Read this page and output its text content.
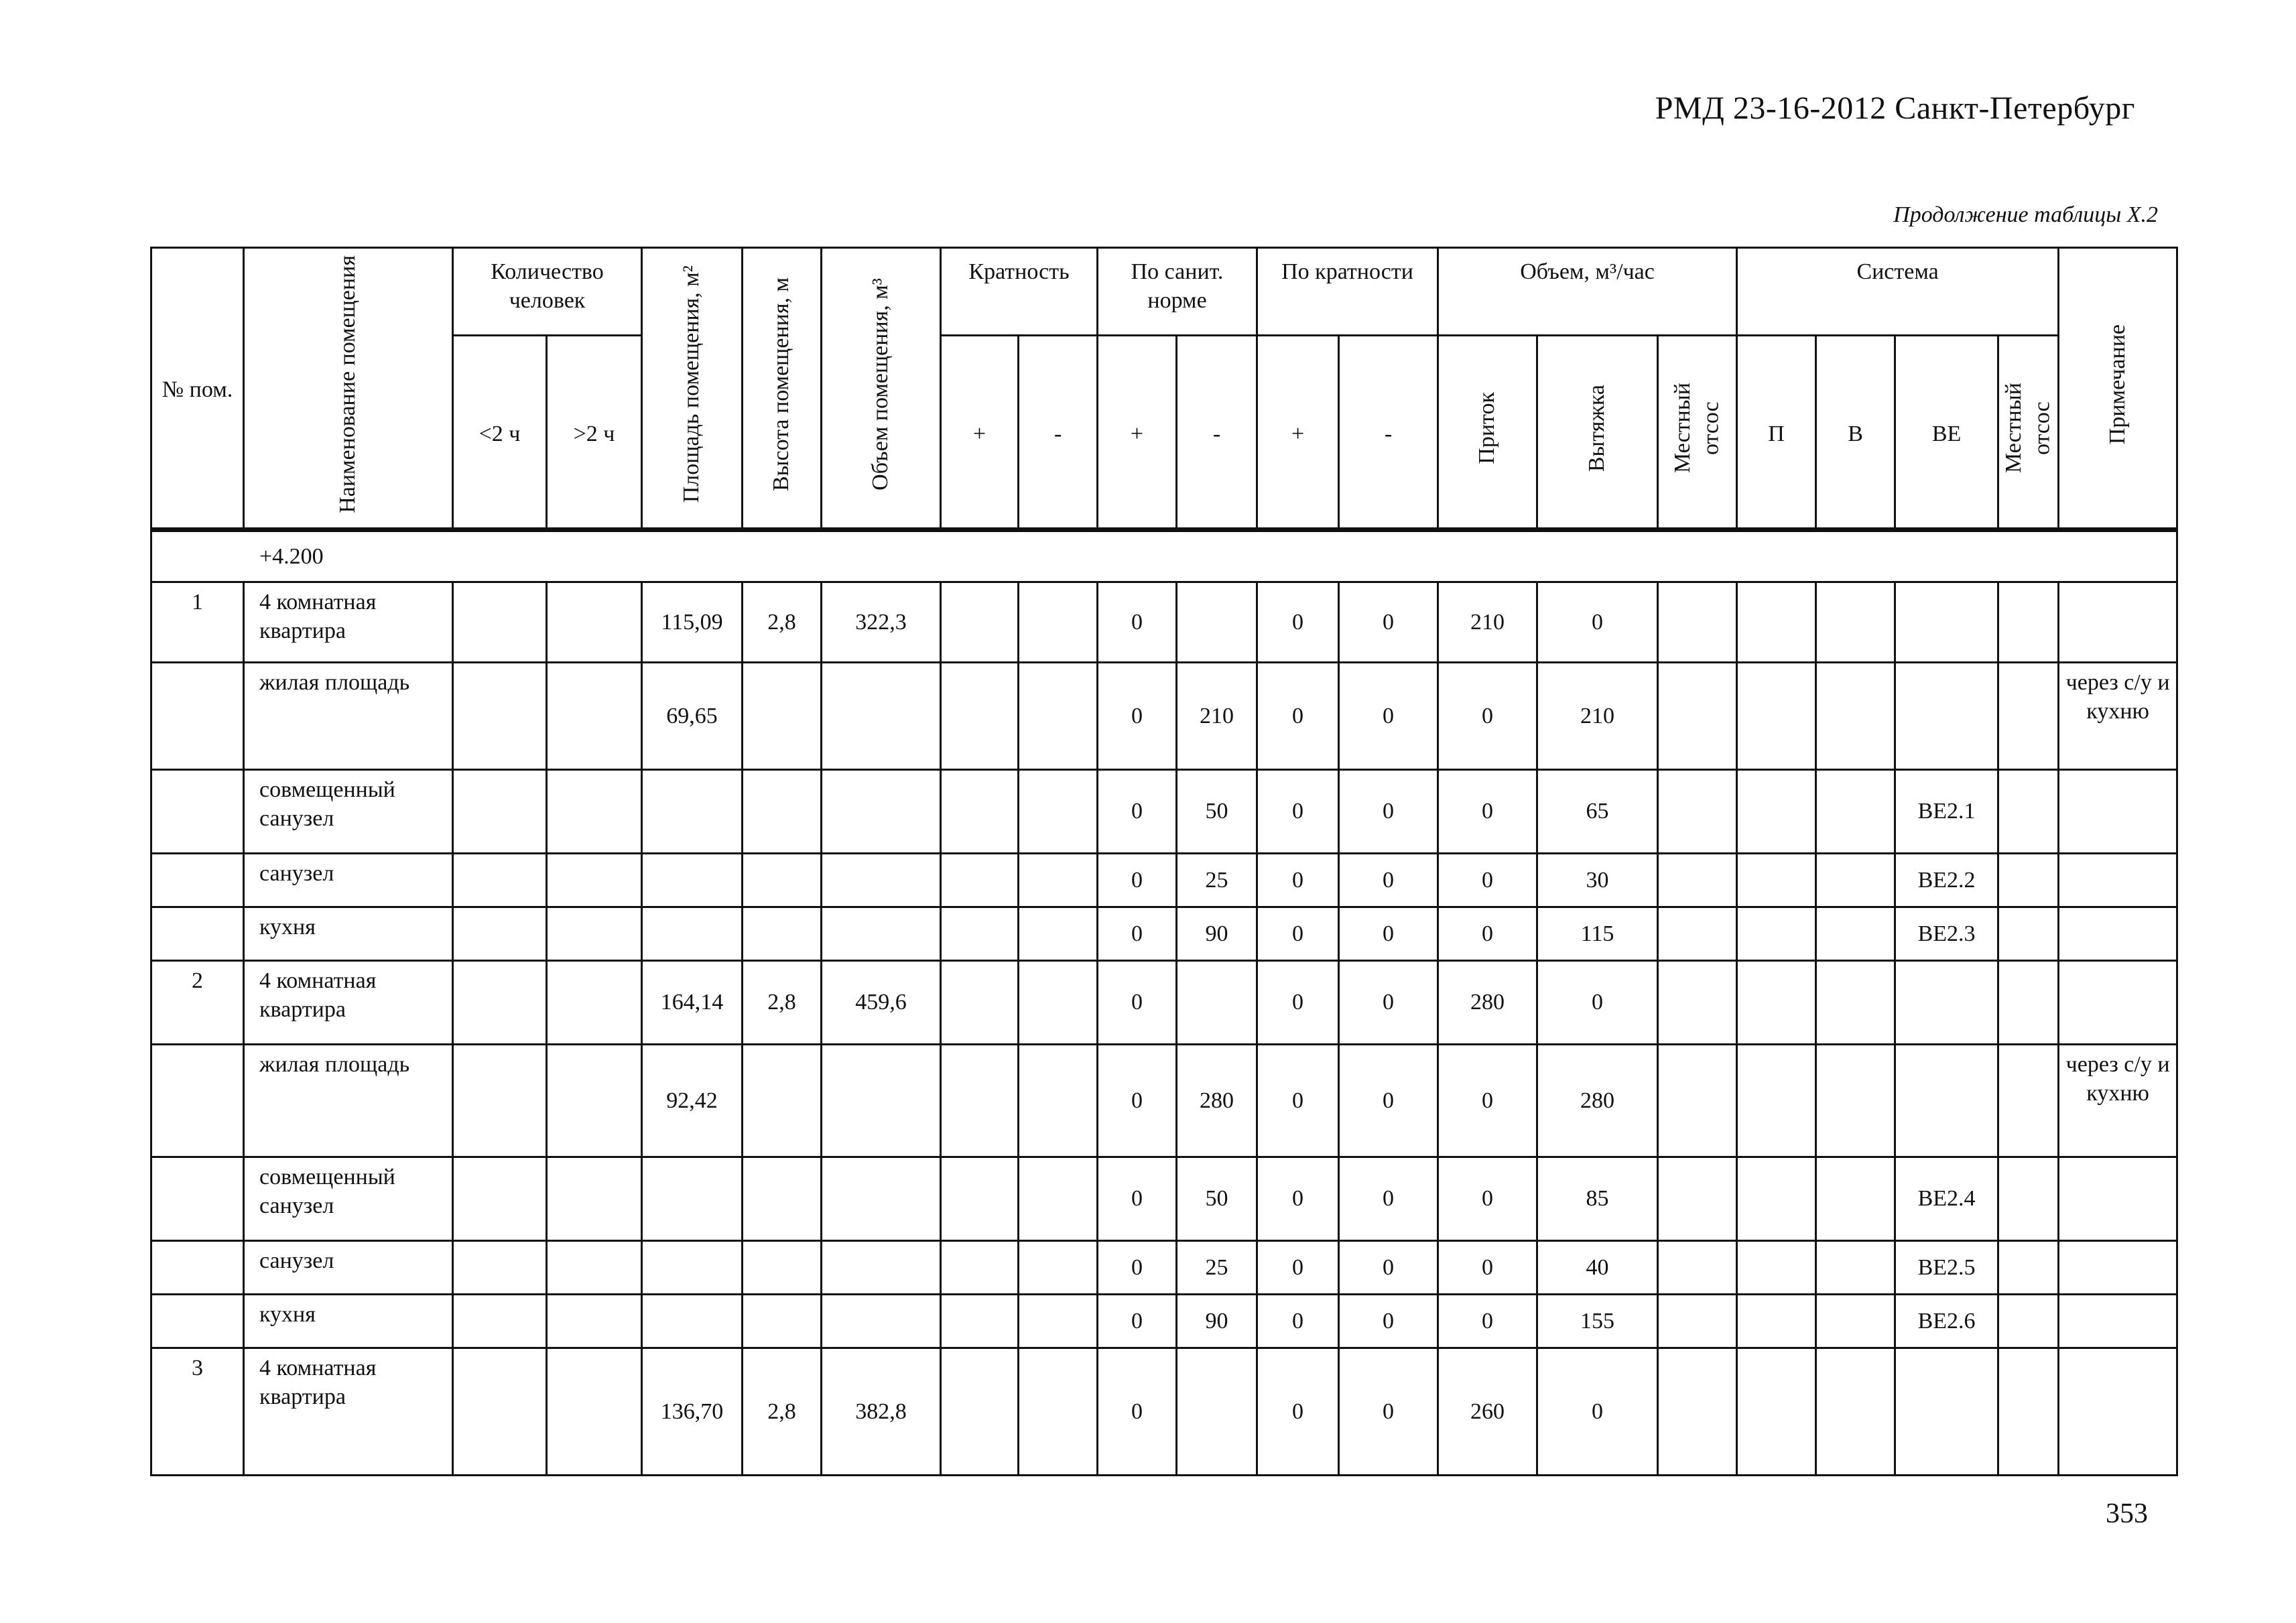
РМД 23-16-2012 Санкт-Петербург
Продолжение таблицы Х.2
№ пом.	Наименование помещения	Количество человек		Площадь помещения, м²	Высота помещения, м	Объем помещения, м³	Кратность		По санит. норме		По кратности		Объем, м³/час			Система				Примечание
		<2 ч	>2 ч				+	-	+	-	+	-	Приток	Вытяжка	Местный отсос	П	В	ВЕ	Местный отсос	
+4.200																				
1	4 комнатная квартира			115,09	2,8	322,3			0		0	0	210	0						
	жилая площадь			69,65					0	210	0	0	0	210						через с/у и кухню
	совмещенный санузел								0	50	0	0	0	65				ВЕ2.1		
	санузел								0	25	0	0	0	30				ВЕ2.2		
	кухня								0	90	0	0	0	115				ВЕ2.3		
2	4 комнатная квартира			164,14	2,8	459,6			0		0	0	280	0						
	жилая площадь			92,42					0	280	0	0	0	280						через с/у и кухню
	совмещенный санузел								0	50	0	0	0	85				ВЕ2.4		
	санузел								0	25	0	0	0	40				ВЕ2.5		
	кухня								0	90	0	0	0	155				ВЕ2.6		
3	4 комнатная квартира			136,70	2,8	382,8			0		0	0	260	0						
353
